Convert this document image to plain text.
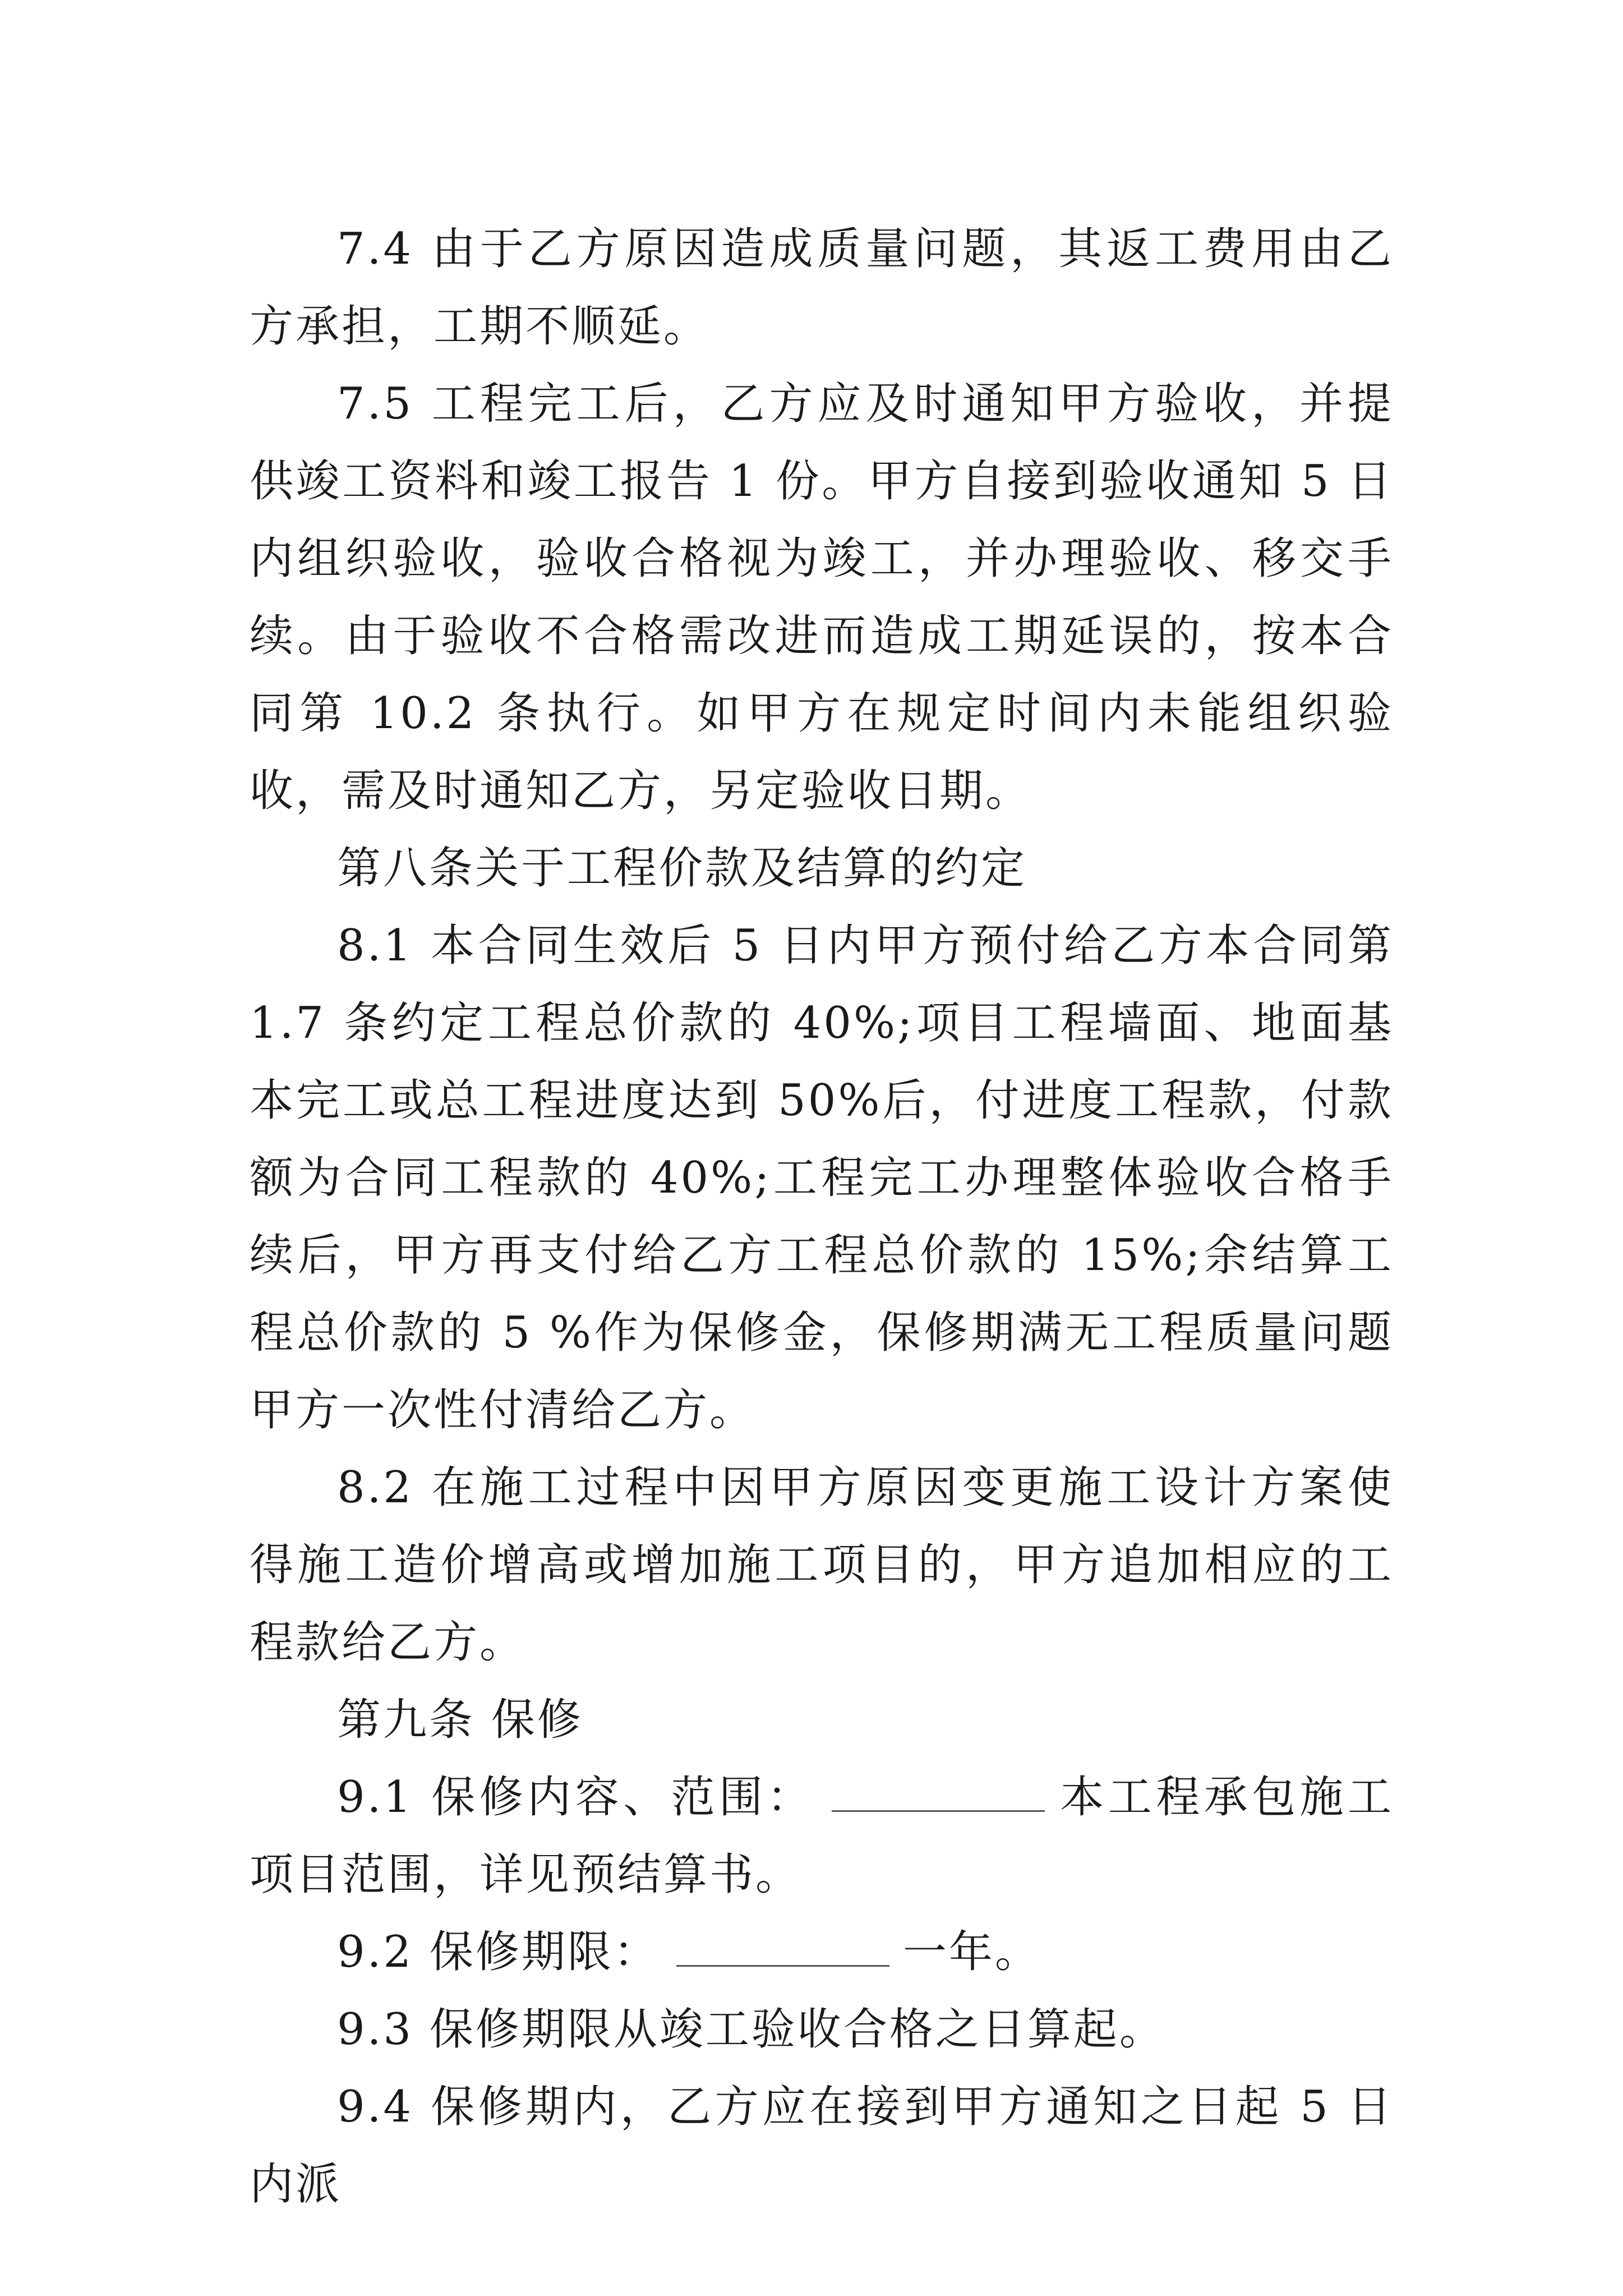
7.4 由于乙方原因造成质量问题，其返工费用由乙方承担，工期不顺延。

7.5 工程完工后，乙方应及时通知甲方验收，并提供竣工资料和竣工报告 1 份。甲方自接到验收通知 5 日内组织验收，验收合格视为竣工，并办理验收、移交手续。由于验收不合格需改进而造成工期延误的，按本合同第 10.2 条执行。如甲方在规定时间内未能组织验收，需及时通知乙方，另定验收日期。

第八条关于工程价款及结算的约定

8.1 本合同生效后 5 日内甲方预付给乙方本合同第 1.7 条约定工程总价款的 40%;项目工程墙面、地面基本完工或总工程进度达到 50%后，付进度工程款，付款额为合同工程款的 40%;工程完工办理整体验收合格手续后，甲方再支付给乙方工程总价款的 15%;余结算工程总价款的 5 %作为保修金，保修期满无工程质量问题甲方一次性付清给乙方。

8.2 在施工过程中因甲方原因变更施工设计方案使得施工造价增高或增加施工项目的，甲方追加相应的工程款给乙方。

第九条 保修

9.1 保修内容、范围：	本工程承包施工项目范围，详见预结算书。

9.2 保修期限：	一年。

9.3 保修期限从竣工验收合格之日算起。

9.4 保修期内，乙方应在接到甲方通知之日起 5 日内派
